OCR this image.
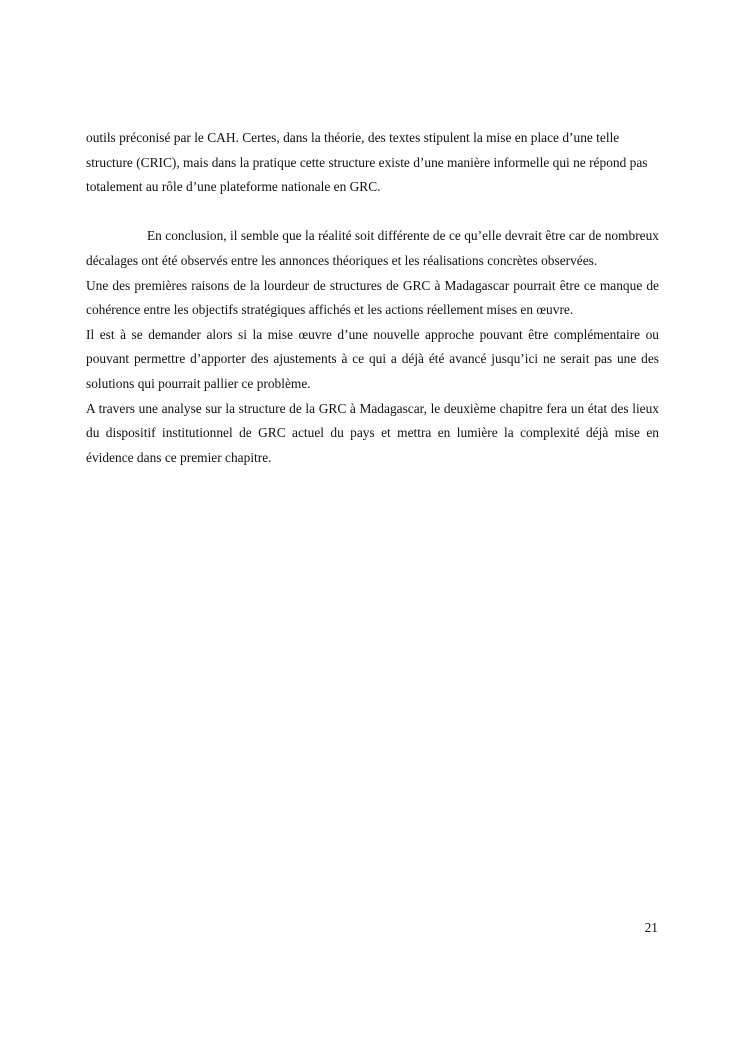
outils préconisé par le CAH. Certes, dans la théorie, des textes stipulent la mise en place d’une telle structure (CRIC), mais dans la pratique cette structure existe d’une manière informelle qui ne répond pas totalement au rôle d’une plateforme nationale en GRC.

En conclusion, il semble que la réalité soit différente de ce qu’elle devrait être car de nombreux décalages ont été observés entre les annonces théoriques et les réalisations concrètes observées.

Une des premières raisons de la lourdeur de structures de GRC à Madagascar pourrait être ce manque de cohérence entre les objectifs stratégiques affichés et les actions réellement mises en œuvre.

Il est à se demander alors si la mise œuvre d’une nouvelle approche pouvant être complémentaire ou pouvant permettre d’apporter des ajustements à ce qui a déjà été avancé jusqu’ici ne serait pas une des solutions qui pourrait pallier ce problème.

A travers une analyse sur la structure de la GRC à Madagascar, le deuxième chapitre fera un état des lieux du dispositif institutionnel de GRC actuel du pays et mettra en lumière la complexité déjà mise en évidence dans ce premier chapitre.

21
